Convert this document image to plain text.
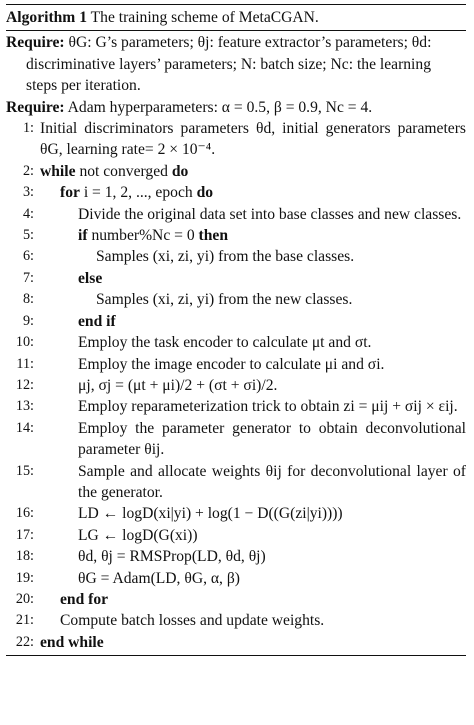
Algorithm 1 The training scheme of MetaCGAN.
Require: θG: G’s parameters; θj: feature extractor’s parameters; θd: discriminative layers’ parameters; N: batch size; Nc: the learning steps per iteration.
Require: Adam hyperparameters: α = 0.5, β = 0.9, Nc = 4.
1: Initial discriminators parameters θd, initial generators parameters θG, learning rate= 2 × 10⁻⁴.
2: while not converged do
3:	for i = 1, 2, ..., epoch do
4:	Divide the original data set into base classes and new classes.
5:	if number%Nc = 0 then
6:	Samples (xi, zi, yi) from the base classes.
7:	else
8:	Samples (xi, zi, yi) from the new classes.
9:	end if
10:	Employ the task encoder to calculate μt and σt.
11:	Employ the image encoder to calculate μi and σi.
12:	μj, σj = (μt + μi)/2 + (σt + σi)/2.
13:	Employ reparameterization trick to obtain zi = μij + σij × εij.
14:	Employ the parameter generator to obtain deconvolutional parameter θij.
15:	Sample and allocate weights θij for deconvolutional layer of the generator.
16:	LD ← logD(xi|yi) + log(1 − D((G(zi|yi))))
17:	LG ← logD(G(xi))
18:	θd, θj = RMSProp(LD, θd, θj)
19:	θG = Adam(LD, θG, α, β)
20:	end for
21:	Compute batch losses and update weights.
22: end while
